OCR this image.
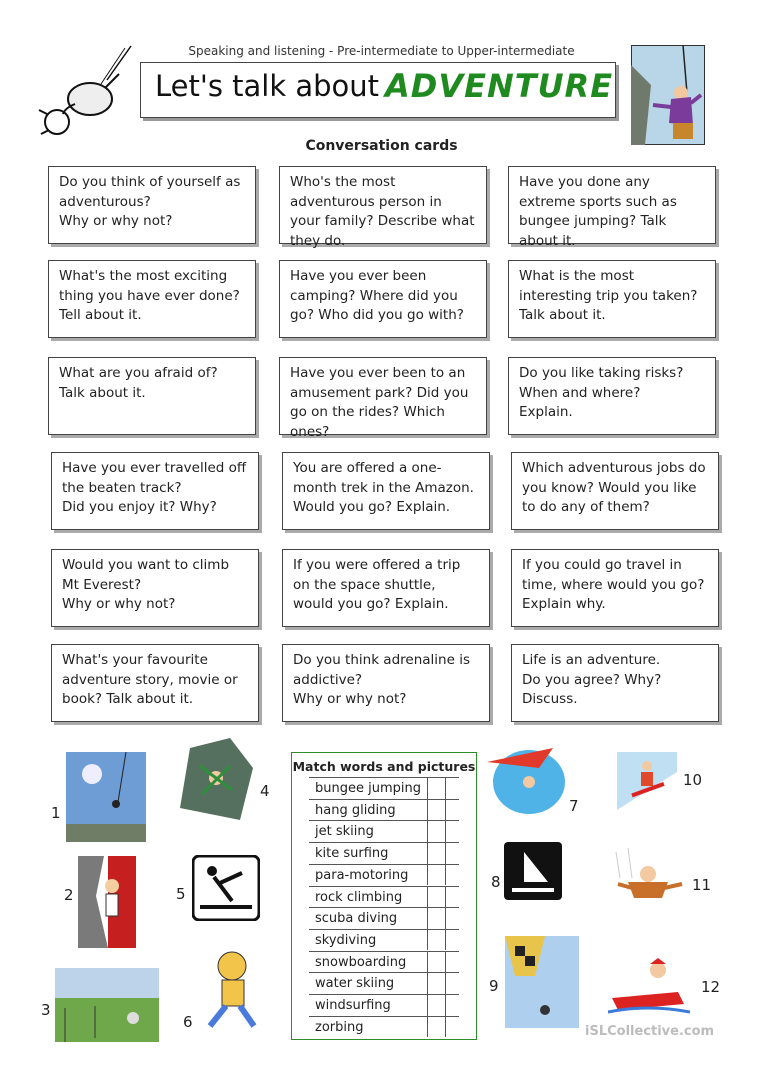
Speaking and listening - Pre-intermediate to Upper-intermediate
Let's talk about ADVENTURE
Conversation cards
Do you think of yourself as adventurous?
Why or why not?
Who's the most adventurous person in your family? Describe what they do.
Have you done any extreme sports such as bungee jumping? Talk about it.
What's the most exciting thing you have ever done? Tell about it.
Have you ever been camping? Where did you go? Who did you go with?
What is the most interesting trip you taken? Talk about it.
What are you afraid of? Talk about it.
Have you ever been to an amusement park? Did you go on the rides? Which ones?
Do you like taking risks? When and where?
Explain.
Have you ever travelled off the beaten track?
Did you enjoy it? Why?
You are offered a one-month trek in the Amazon. Would you go? Explain.
Which adventurous jobs do you know? Would you like to do any of them?
Would you want to climb Mt Everest?
Why or why not?
If you were offered a trip on the space shuttle, would you go? Explain.
If you could go travel in time, where would you go? Explain why.
What's your favourite adventure story, movie or book? Talk about it.
Do you think adrenaline is addictive?
Why or why not?
Life is an adventure.
Do you agree? Why?
Discuss.
1
2
3
4
5
6
7
8
9
10
11
12
Match words and pictures
bungee jumping
hang gliding
jet skiing
kite surfing
para-motoring
rock climbing
scuba diving
skydiving
snowboarding
water skiing
windsurfing
zorbing	iSLCollective.com
